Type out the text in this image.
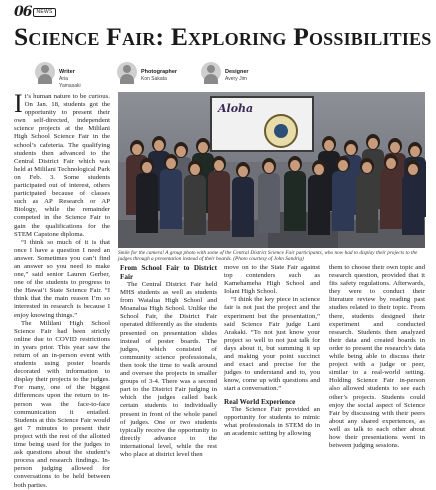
06	NEWS
Science Fair: Exploring Possibilities
Writer
Aria Yamasaki
Photographer
Kon Sakata
Designer
Avery Jim
Aloha

Smile for the camera! A group photo with some of the Central District Science Fair participants, who now had to display their projects to the judges through a presentation instead of their boards. (Photo courtesy of John Sandrig)

It’s human nature to be curious. On Jan. 18, students got the opportunity to present their own self-directed, independent science projects at the Mililani High School Science Fair in the school’s cafeteria. The qualifying students then advanced to the Central District Fair which was held at Mililani Technological Park on Feb. 3. Some students participated out of interest, others participated because of classes such as AP Research or AP Biology, while the remainder competed in the Science Fair to gain the qualifications for the STEM Capstone diploma.

“I think so much of it is that once I have a question I need an answer. Sometimes you can’t find an answer so you need to make one,” said senior Lauren Gerber, one of the students to progress to the Hawai‘i State Science Fair. “I think that the main reason I’m so interested in research is because I enjoy knowing things.”

The Mililani High School Science Fair had been strictly online due to COVID restrictions in years prior. This year saw the return of an in-person event with students using poster boards decorated with information to display their projects to the judges. For many, one of the biggest differences upon the return to in-person was the face-to-face communication it entailed. Students at this Science Fair would get 7 minutes to present their project with the rest of the allotted time being used for the judges to ask questions about the student’s process and research findings. In-person judging allowed for conversations to be held between both parties.

From School Fair to District Fair

The Central District Fair held MHS students as well as students from Waialua High School and Moanalua High School. Unlike the School Fair, the District Fair operated differently as the students presented on presentation slides instead of poster boards. The judges, which consisted of community science professionals, then took the time to walk around and oversee the projects in smaller groups of 3-4. There was a second part to the District Fair judging in which the judges called back certain students to individually present in front of the whole panel of judges. One or two students typically receive the opportunity to directly advance to the international level, while the rest who place at district level then

move on to the State Fair against top contenders such as Kamehameha High School and Iolani High School.

“I think the key piece in science fair is not just the project and the experiment but the presentation,” said Science Fair judge Lani Arakaki. “To not just know your project so well to not just talk for days about it, but summing it up and making your point succinct and exact and precise for the judges to understand and to, you know, come up with questions and start a conversation.”

Real World Experience

The Science Fair provided an opportunity for students to mimic what professionals in STEM do in an academic setting by allowing

them to choose their own topic and research question, provided that it fits safety regulations. Afterwards, they were to conduct their literature review by reading past studies related to their topic. From there, students designed their experiment and conducted research. Students then analyzed their data and created boards in order to present the research’s data while being able to discuss their project with a judge or peer, similar to a real-world setting. Holding Science Fair in-person also allowed students to see each other’s projects. Students could enjoy the social aspect of Science Fair by discussing with their peers about any shared experiences, as well as talk to each other about how their presentations went in between judging sessions.
